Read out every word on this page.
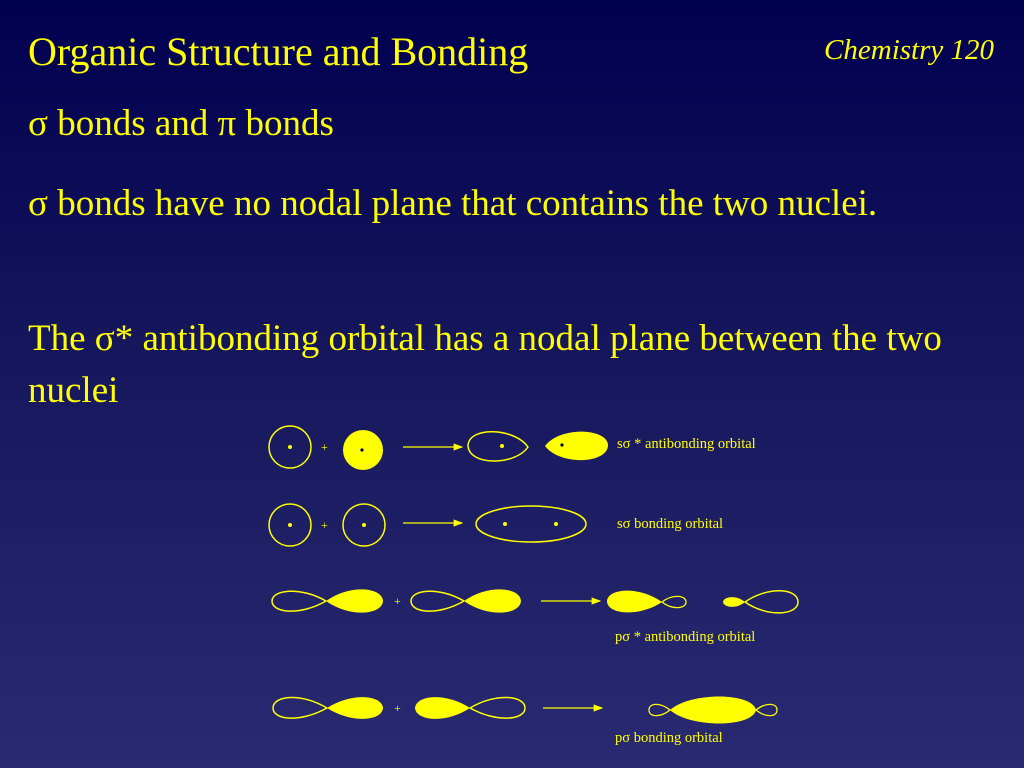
Organic Structure and Bonding	Chemistry 120

σ bonds and π bonds

σ bonds have no nodal plane that contains the two nuclei.

The σ* antibonding orbital has a nodal plane between the two nuclei

+	sσ * antibonding orbital
+	sσ bonding orbital
+
pσ * antibonding orbital
+
pσ bonding orbital
